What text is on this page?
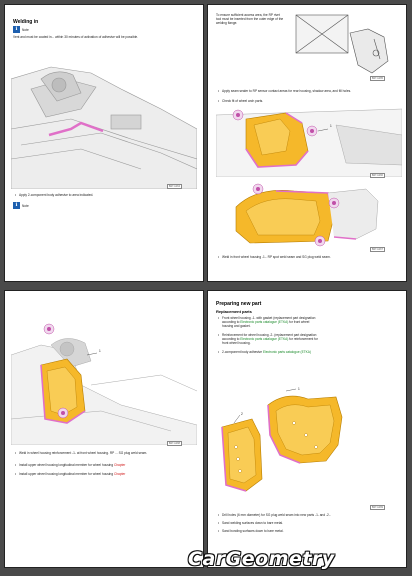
Welding in
i	Note
Vent and must be coated in... within 30 minutes of activation of adhesive will be possible.
B27-1234
• Apply 2-component body adhesive to area indicated.
i	Note
To ensure sufficient access area, the RP rivet tool must be inserted from the outer edge of the welding flange.
B27-1235
• Apply seam sealer to RP sensor contact areas for rear housing, shadow area, and fill holes.
• Check fit of wheel arch parts.
1
B27-1236
B27-1237
• Weld in front wheel housing -1-. RP spot weld seam and SG plug weld seam.
1
B27-1238
• Weld in wheel housing reinforcement -1- at front wheel housing. RP ... SG plug weld seam.
• Install upper wheel housing longitudinal member for wheel housing Chapter
• Install upper wheel housing longitudinal member for wheel housing Chapter
Preparing new part
Replacement parts
• Front wheel housing -1- with gasket (replacement part designation according to Electronic parts catalogue (ETKA) for front wheel housing and gasket.
• Reinforcement for wheel housing -2- (replacement part designation according to Electronic parts catalogue (ETKA) for reinforcement for front wheel housing.
• 2-component body adhesive Electronic parts catalogue (ETKA)
1
2
B27-1239
• Drill holes (6 mm diameter) for SG plug weld seam into new parts -1- and -2-.
• Sand welding surfaces down to bare metal.
• Sand bonding surfaces down to bare metal.
CarGeometry
